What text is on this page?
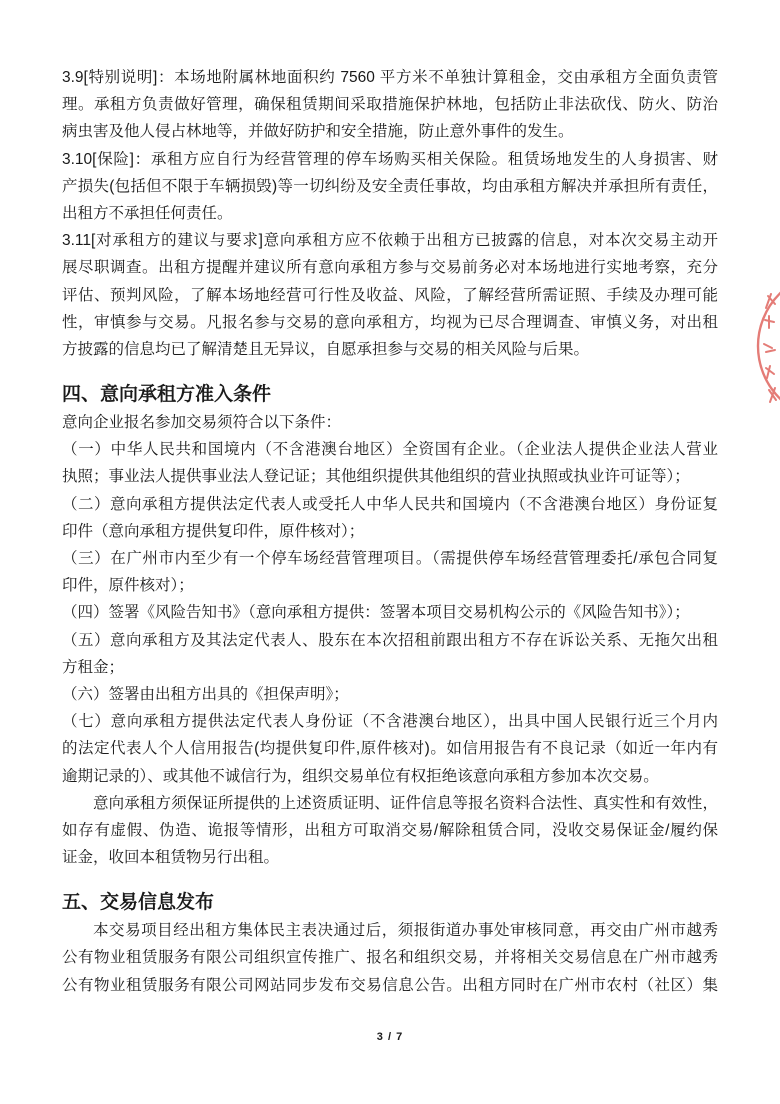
3.9[特别说明]：本场地附属林地面积约 7560 平方米不单独计算租金，交由承租方全面负责管
理。承租方负责做好管理，确保租赁期间采取措施保护林地，包括防止非法砍伐、防火、防治
病虫害及他人侵占林地等，并做好防护和安全措施，防止意外事件的发生。
3.10[保险]：承租方应自行为经营管理的停车场购买相关保险。租赁场地发生的人身损害、财
产损失(包括但不限于车辆损毁)等一切纠纷及安全责任事故，均由承租方解决并承担所有责任，
出租方不承担任何责任。
3.11[对承租方的建议与要求]意向承租方应不依赖于出租方已披露的信息，对本次交易主动开
展尽职调查。出租方提醒并建议所有意向承租方参与交易前务必对本场地进行实地考察，充分
评估、预判风险，了解本场地经营可行性及收益、风险，了解经营所需证照、手续及办理可能
性，审慎参与交易。凡报名参与交易的意向承租方，均视为已尽合理调查、审慎义务，对出租
方披露的信息均已了解清楚且无异议，自愿承担参与交易的相关风险与后果。
四、意向承租方准入条件
意向企业报名参加交易须符合以下条件：
（一）中华人民共和国境内（不含港澳台地区）全资国有企业。（企业法人提供企业法人营业
执照；事业法人提供事业法人登记证；其他组织提供其他组织的营业执照或执业许可证等）；
（二）意向承租方提供法定代表人或受托人中华人民共和国境内（不含港澳台地区）身份证复
印件（意向承租方提供复印件，原件核对）；
（三）在广州市内至少有一个停车场经营管理项目。（需提供停车场经营管理委托/承包合同复
印件，原件核对）；
（四）签署《风险告知书》（意向承租方提供：签署本项目交易机构公示的《风险告知书》）；
（五）意向承租方及其法定代表人、股东在本次招租前跟出租方不存在诉讼关系、无拖欠出租
方租金；
（六）签署由出租方出具的《担保声明》；
（七）意向承租方提供法定代表人身份证（不含港澳台地区），出具中国人民银行近三个月内
的法定代表人个人信用报告(均提供复印件,原件核对)。如信用报告有不良记录（如近一年内有
逾期记录的）、或其他不诚信行为，组织交易单位有权拒绝该意向承租方参加本次交易。
意向承租方须保证所提供的上述资质证明、证件信息等报名资料合法性、真实性和有效性，
如存有虚假、伪造、诡报等情形，出租方可取消交易/解除租赁合同，没收交易保证金/履约保
证金，收回本租赁物另行出租。
五、交易信息发布
本交易项目经出租方集体民主表决通过后，须报街道办事处审核同意，再交由广州市越秀
公有物业租赁服务有限公司组织宣传推广、报名和组织交易，并将相关交易信息在广州市越秀
公有物业租赁服务有限公司网站同步发布交易信息公告。出租方同时在广州市农村（社区）集
3 / 7
